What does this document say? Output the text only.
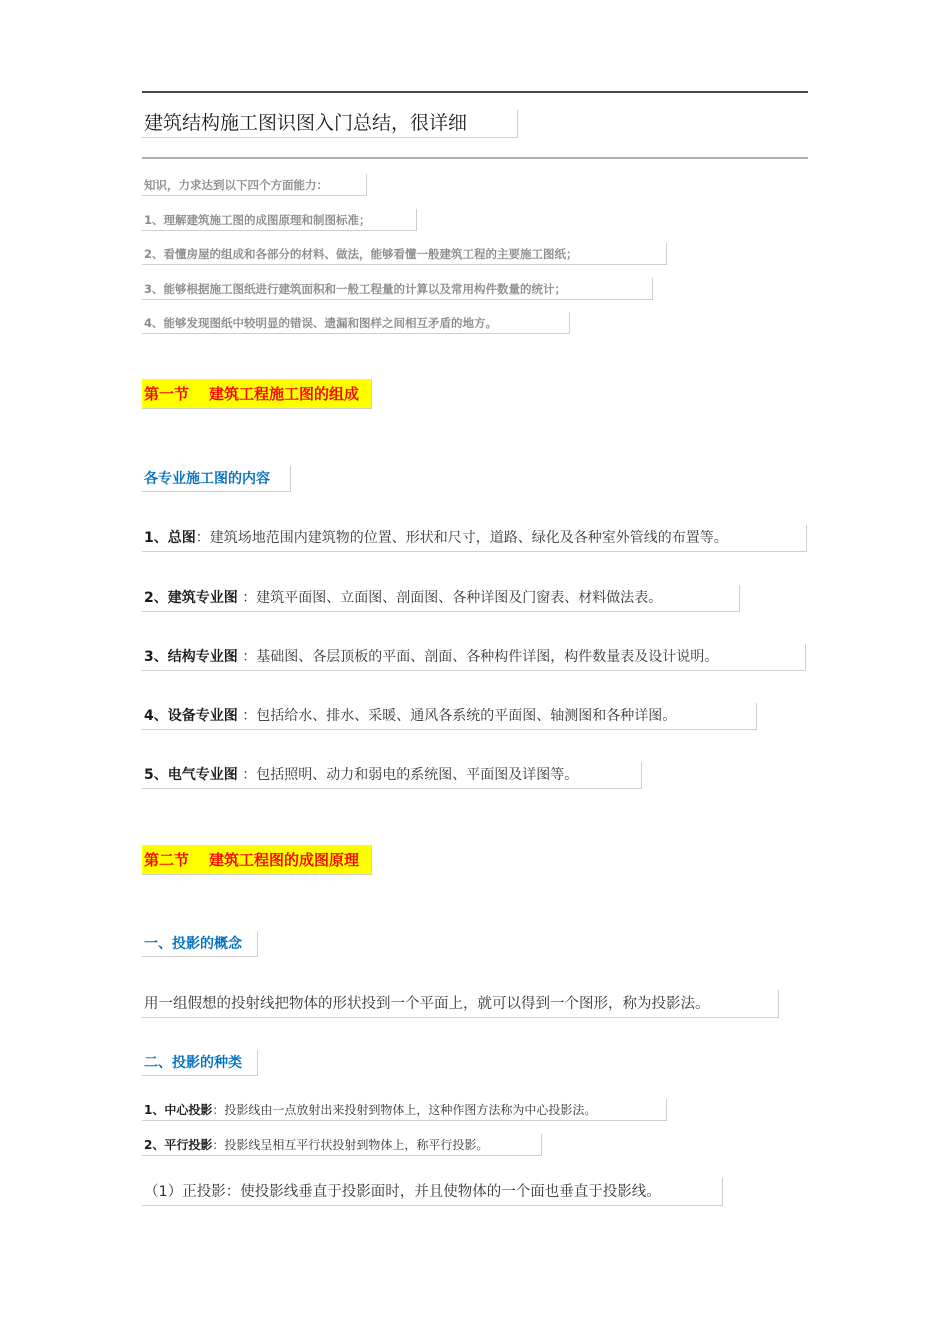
建筑结构施工图识图入门总结，很详细
知识，力求达到以下四个方面能力：
1、理解建筑施工图的成图原理和制图标准；
2、看懂房屋的组成和各部分的材料、做法，能够看懂一般建筑工程的主要施工图纸；
3、能够根据施工图纸进行建筑面积和一般工程量的计算以及常用构件数量的统计；
4、能够发现图纸中较明显的错误、遗漏和图样之间相互矛盾的地方。
第一节 建筑工程施工图的组成
各专业施工图的内容
1、总图：建筑场地范围内建筑物的位置、形状和尺寸，道路、绿化及各种室外管线的布置等。
2、建筑专业图 ：建筑平面图、立面图、剖面图、各种详图及门窗表、材料做法表。
3、结构专业图 ：基础图、各层顶板的平面、剖面、各种构件详图，构件数量表及设计说明。
4、设备专业图 ：包括给水、排水、采暖、通风各系统的平面图、轴测图和各种详图。
5、电气专业图 ：包括照明、动力和弱电的系统图、平面图及详图等。
第二节 建筑工程图的成图原理
一、投影的概念
用一组假想的投射线把物体的形状投到一个平面上，就可以得到一个图形，称为投影法。
二、投影的种类
1、中心投影：投影线由一点放射出来投射到物体上，这种作图方法称为中心投影法。
2、平行投影：投影线呈相互平行状投射到物体上，称平行投影。
（1）正投影：使投影线垂直于投影面时，并且使物体的一个面也垂直于投影线。
